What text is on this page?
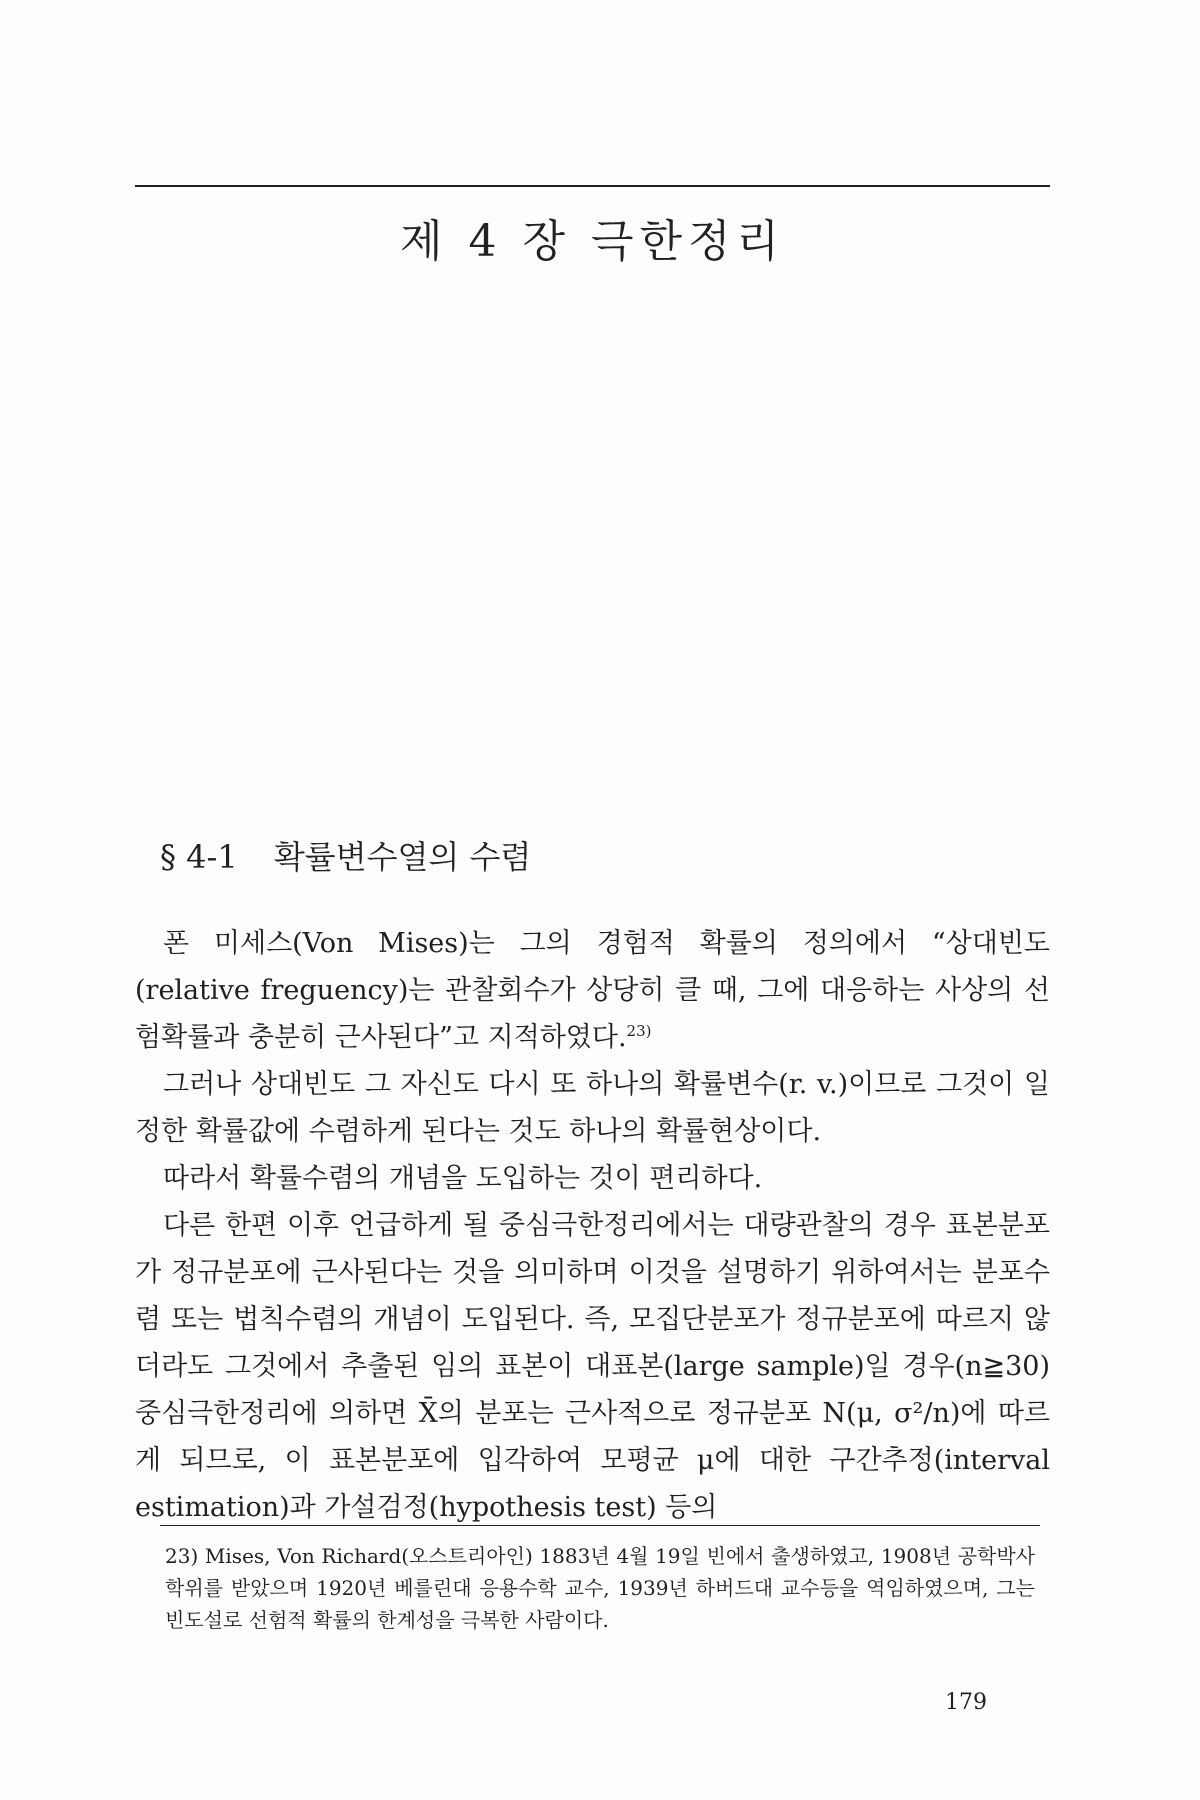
제 4 장 극한정리
§ 4-1 확률변수열의 수렴

폰 미세스(Von Mises)는 그의 경험적 확률의 정의에서 “상대빈도(relative freguency)는 관찰회수가 상당히 클 때, 그에 대응하는 사상의 선험확률과 충분히 근사된다”고 지적하였다.$^{23)}$

그러나 상대빈도 그 자신도 다시 또 하나의 확률변수(r. v.)이므로 그것이 일정한 확률값에 수렴하게 된다는 것도 하나의 확률현상이다.

따라서 확률수렴의 개념을 도입하는 것이 편리하다.

다른 한편 이후 언급하게 될 중심극한정리에서는 대량관찰의 경우 표본분포가 정규분포에 근사된다는 것을 의미하며 이것을 설명하기 위하여서는 분포수렴 또는 법칙수렴의 개념이 도입된다. 즉, 모집단분포가 정규분포에 따르지 않더라도 그것에서 추출된 임의 표본이 대표본(large sample)일 경우(n≧30) 중심극한정리에 의하면 X̄의 분포는 근사적으로 정규분포 N(μ, σ²/n)에 따르게 되므로, 이 표본분포에 입각하여 모평균 μ에 대한 구간추정(interval estimation)과 가설검정(hypothesis test) 등의

23) Mises, Von Richard(오스트리아인) 1883년 4월 19일 빈에서 출생하였고, 1908년 공학박사 학위를 받았으며 1920년 베를린대 응용수학 교수, 1939년 하버드대 교수등을 역임하였으며, 그는 빈도설로 선험적 확률의 한계성을 극복한 사람이다.
179
